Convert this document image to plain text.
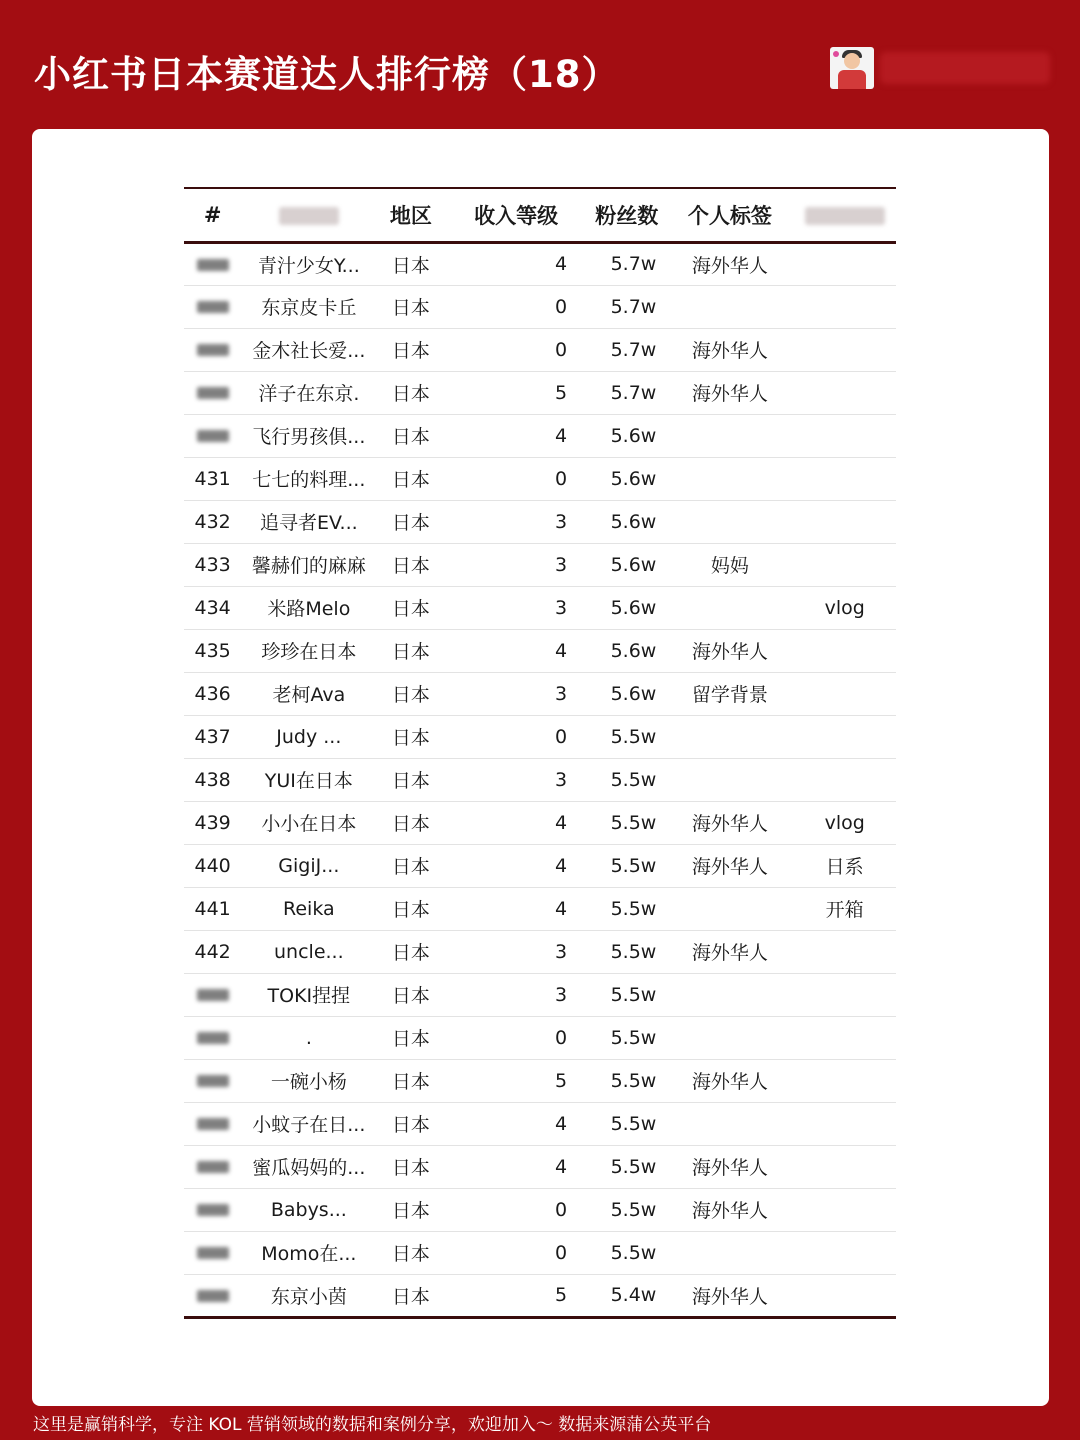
小红书日本赛道达人排行榜（18）
#		地区	收入等级	粉丝数	个人标签	
	青汁少女Y...	日本	4	5.7w	海外华人	
	东京皮卡丘	日本	0	5.7w		
	金木社长爱...	日本	0	5.7w	海外华人	
	洋子在东京.	日本	5	5.7w	海外华人	
	飞行男孩俱...	日本	4	5.6w		
431	七七的料理...	日本	0	5.6w		
432	追寻者EV...	日本	3	5.6w		
433	馨赫们的麻麻	日本	3	5.6w	妈妈	
434	米路Melo	日本	3	5.6w		vlog
435	珍珍在日本	日本	4	5.6w	海外华人	
436	老柯Ava	日本	3	5.6w	留学背景	
437	Judy ...	日本	0	5.5w		
438	YUI在日本	日本	3	5.5w		
439	小小在日本	日本	4	5.5w	海外华人	vlog
440	GigiJ...	日本	4	5.5w	海外华人	日系
441	Reika	日本	4	5.5w		开箱
442	uncle...	日本	3	5.5w	海外华人	
	TOKI捏捏	日本	3	5.5w		
	.	日本	0	5.5w		
	一碗小杨	日本	5	5.5w	海外华人	
	小蚊子在日...	日本	4	5.5w		
	蜜瓜妈妈的...	日本	4	5.5w	海外华人	
	Babys...	日本	0	5.5w	海外华人	
	Momo在...	日本	0	5.5w		
	东京小茵	日本	5	5.4w	海外华人	
这里是赢销科学，专注 KOL 营销领域的数据和案例分享，欢迎加入～ 数据来源蒲公英平台
